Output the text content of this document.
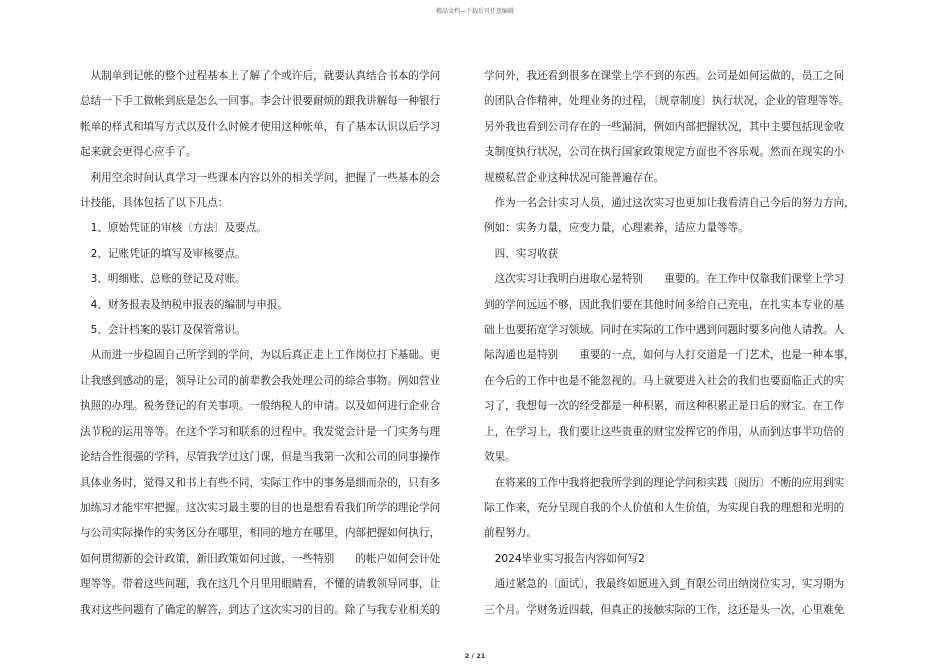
精品文档—下载后可任意编辑

　从制单到记帐的整个过程基本上了解了个或许后，就要认真结合书本的学问

总结一下手工做帐到底是怎么一回事。李会计很要耐烦的跟我讲解每一种银行

帐单的样式和填写方式以及什么时候才使用这种帐单，有了基本认识以后学习

起来就会更得心应手了。

　利用空余时间认真学习一些课本内容以外的相关学问，把握了一些基本的会

计技能，具体包括了以下几点：

　1、原始凭证的审核〔方法〕及要点。

　2、记账凭证的填写及审核要点。

　3、明细账、总账的登记及对账。

　4、财务报表及纳税申报表的编制与申报。

　5、会计档案的装订及保管常识。

　从而进一步稳固自己所学到的学问，为以后真正走上工作岗位打下基础。更

让我感到感动的是，领导让公司的前辈教会我处理公司的综合事物。例如营业

执照的办理。税务登记的有关事项。一般纳税人的申请。以及如何进行企业合

法节税的运用等等。在这个学习和联系的过程中。我发觉会计是一门实务与理

论结合性很强的学科，尽管我学过这门课，但是当我第一次和公司的同事操作

具体业务时，觉得又和书上有些不同，实际工作中的事务是细而杂的，只有多

加练习才能牢牢把握。这次实习最主要的目的也是想看看我们所学的理论学问

与公司实际操作的实务区分在哪里，相同的地方在哪里，内部把握如何执行，

如何贯彻新的会计政策，新旧政策如何过渡，一些特别　　的帐户如何会计处

理等等。带着这些问题，我在这几个月里用眼睛看，不懂的请教领导同事，让

我对这些问题有了确定的解答，到达了这次实习的目的。除了与我专业相关的

学问外，我还看到很多在课堂上学不到的东西。公司是如何运做的，员工之间

的团队合作精神，处理业务的过程，〔规章制度〕执行状况，企业的管理等等。

另外我也看到公司存在的一些漏洞，例如内部把握状况，其中主要包括现金收

支制度执行状况，公司在执行国家政策规定方面也不容乐观。然而在现实的小

规模私营企业这种状况可能普遍存在。

　作为一名会计实习人员，通过这次实习也更加让我看清自己今后的努力方向，

例如：实务力量，应变力量，心理素养，适应力量等等。

　四、实习收获

　这次实习让我明白进取心是特别　　重要的。在工作中仅靠我们课堂上学习

到的学问远远不够，因此我们要在其他时间多给自己充电，在扎实本专业的基

础上也要拓宽学习领域。同时在实际的工作中遇到问题时要多向他人请教。人

际沟通也是特别　　重要的一点，如何与人打交道是一门艺术，也是一种本事，

在今后的工作中也是不能忽视的。马上就要进入社会的我们也要面临正式的实

习了，我想每一次的经受都是一种积累，而这种积累正是日后的财宝。在工作

上，在学习上，我们要让这些贵重的财宝发挥它的作用，从而到达事半功倍的

效果。

　在将来的工作中我将把我所学到的理论学问和实践〔阅历〕不断的应用到实

际工作来，充分呈现自我的个人价值和人生价值，为实现自我的理想和光明的

前程努力。

　2024毕业实习报告内容如何写2

　通过紧急的〔面试〕，我最终如愿进入到_有限公司出纳岗位实习，实习期为

三个月。学财务近四载，但真正的接触实际的工作，这还是头一次，心里难免

2 / 21
